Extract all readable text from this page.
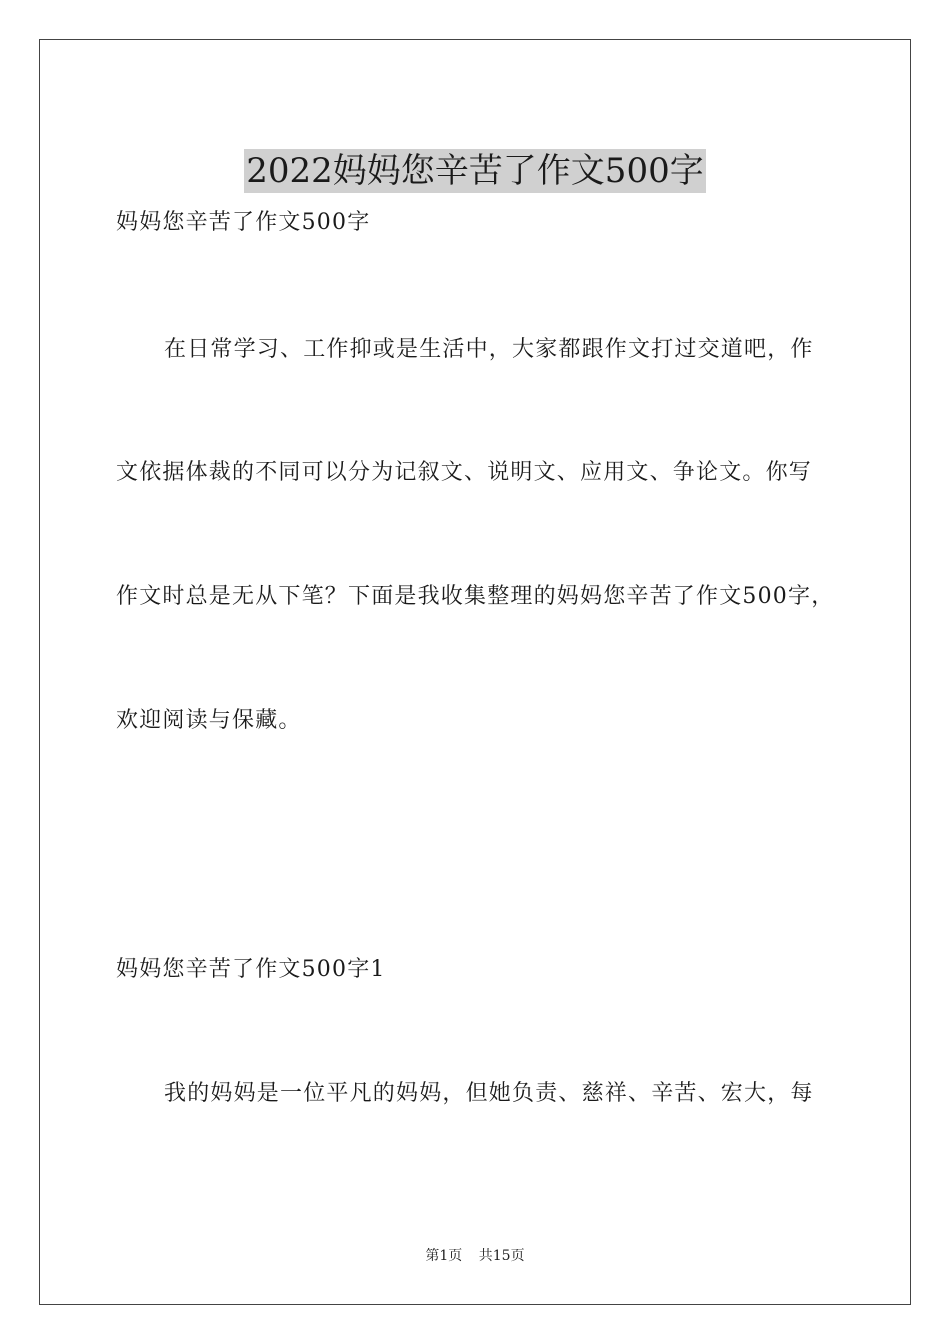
2022妈妈您辛苦了作文500字
妈妈您辛苦了作文500字
在日常学习、工作抑或是生活中，大家都跟作文打过交道吧，作
文依据体裁的不同可以分为记叙文、说明文、应用文、争论文。你写
作文时总是无从下笔？下面是我收集整理的妈妈您辛苦了作文500字，
欢迎阅读与保藏。
妈妈您辛苦了作文500字1
我的妈妈是一位平凡的妈妈，但她负责、慈祥、辛苦、宏大，每
第1页 共15页
